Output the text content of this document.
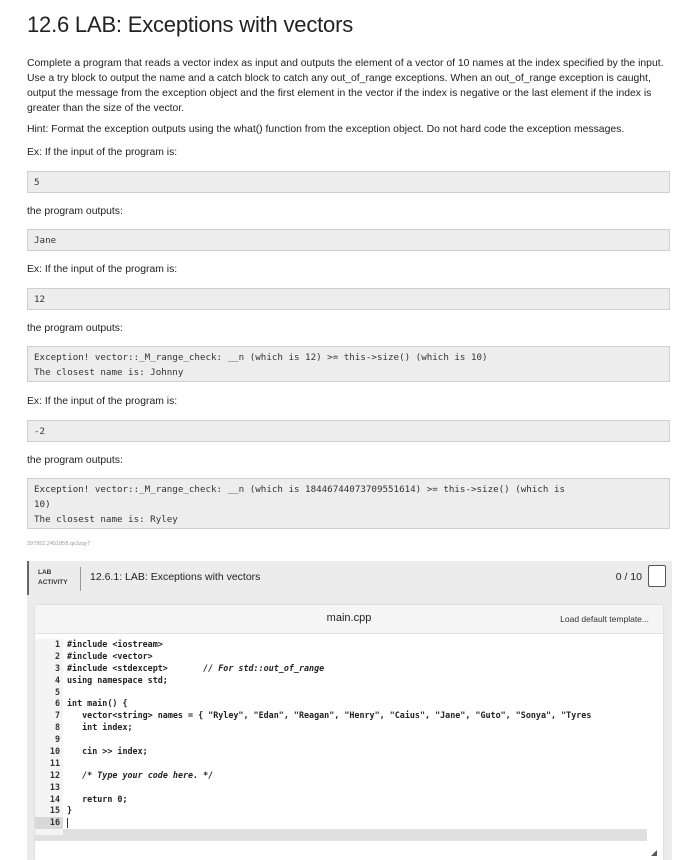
12.6 LAB: Exceptions with vectors

Complete a program that reads a vector index as input and outputs the element of a vector of 10 names at the index specified by the input. Use a try block to output the name and a catch block to catch any out_of_range exceptions. When an out_of_range exception is caught, output the message from the exception object and the first element in the vector if the index is negative or the last element if the index is greater than the size of the vector.

Hint: Format the exception outputs using the what() function from the exception object. Do not hard code the exception messages.

Ex: If the input of the program is:

5

the program outputs:

Jane

Ex: If the input of the program is:

12

the program outputs:

Exception! vector::_M_range_check: __n (which is 12) >= this->size() (which is 10)
The closest name is: Johnny

Ex: If the input of the program is:

-2

the program outputs:

Exception! vector::_M_range_check: __n (which is 18446744073709551614) >= this->size() (which is
10)
The closest name is: Ryley
397952.2451858.qx3zqy7
LAB
ACTIVITY 12.6.1: LAB: Exceptions with vectors	0 / 10
main.cpp	Load default template...
1
2
3
4
5
6
7
8
9
10
11
12
13
14
15
16
#include <iostream>
#include <vector>
#include <stdexcept>       // For std::out_of_range
using namespace std;
int main() {
vector<string> names = { "Ryley", "Edan", "Reagan", "Henry", "Caius", "Jane", "Guto", "Sonya", "Tyres
int index;
cin >> index;
/* Type your code here. */
return 0;
}
